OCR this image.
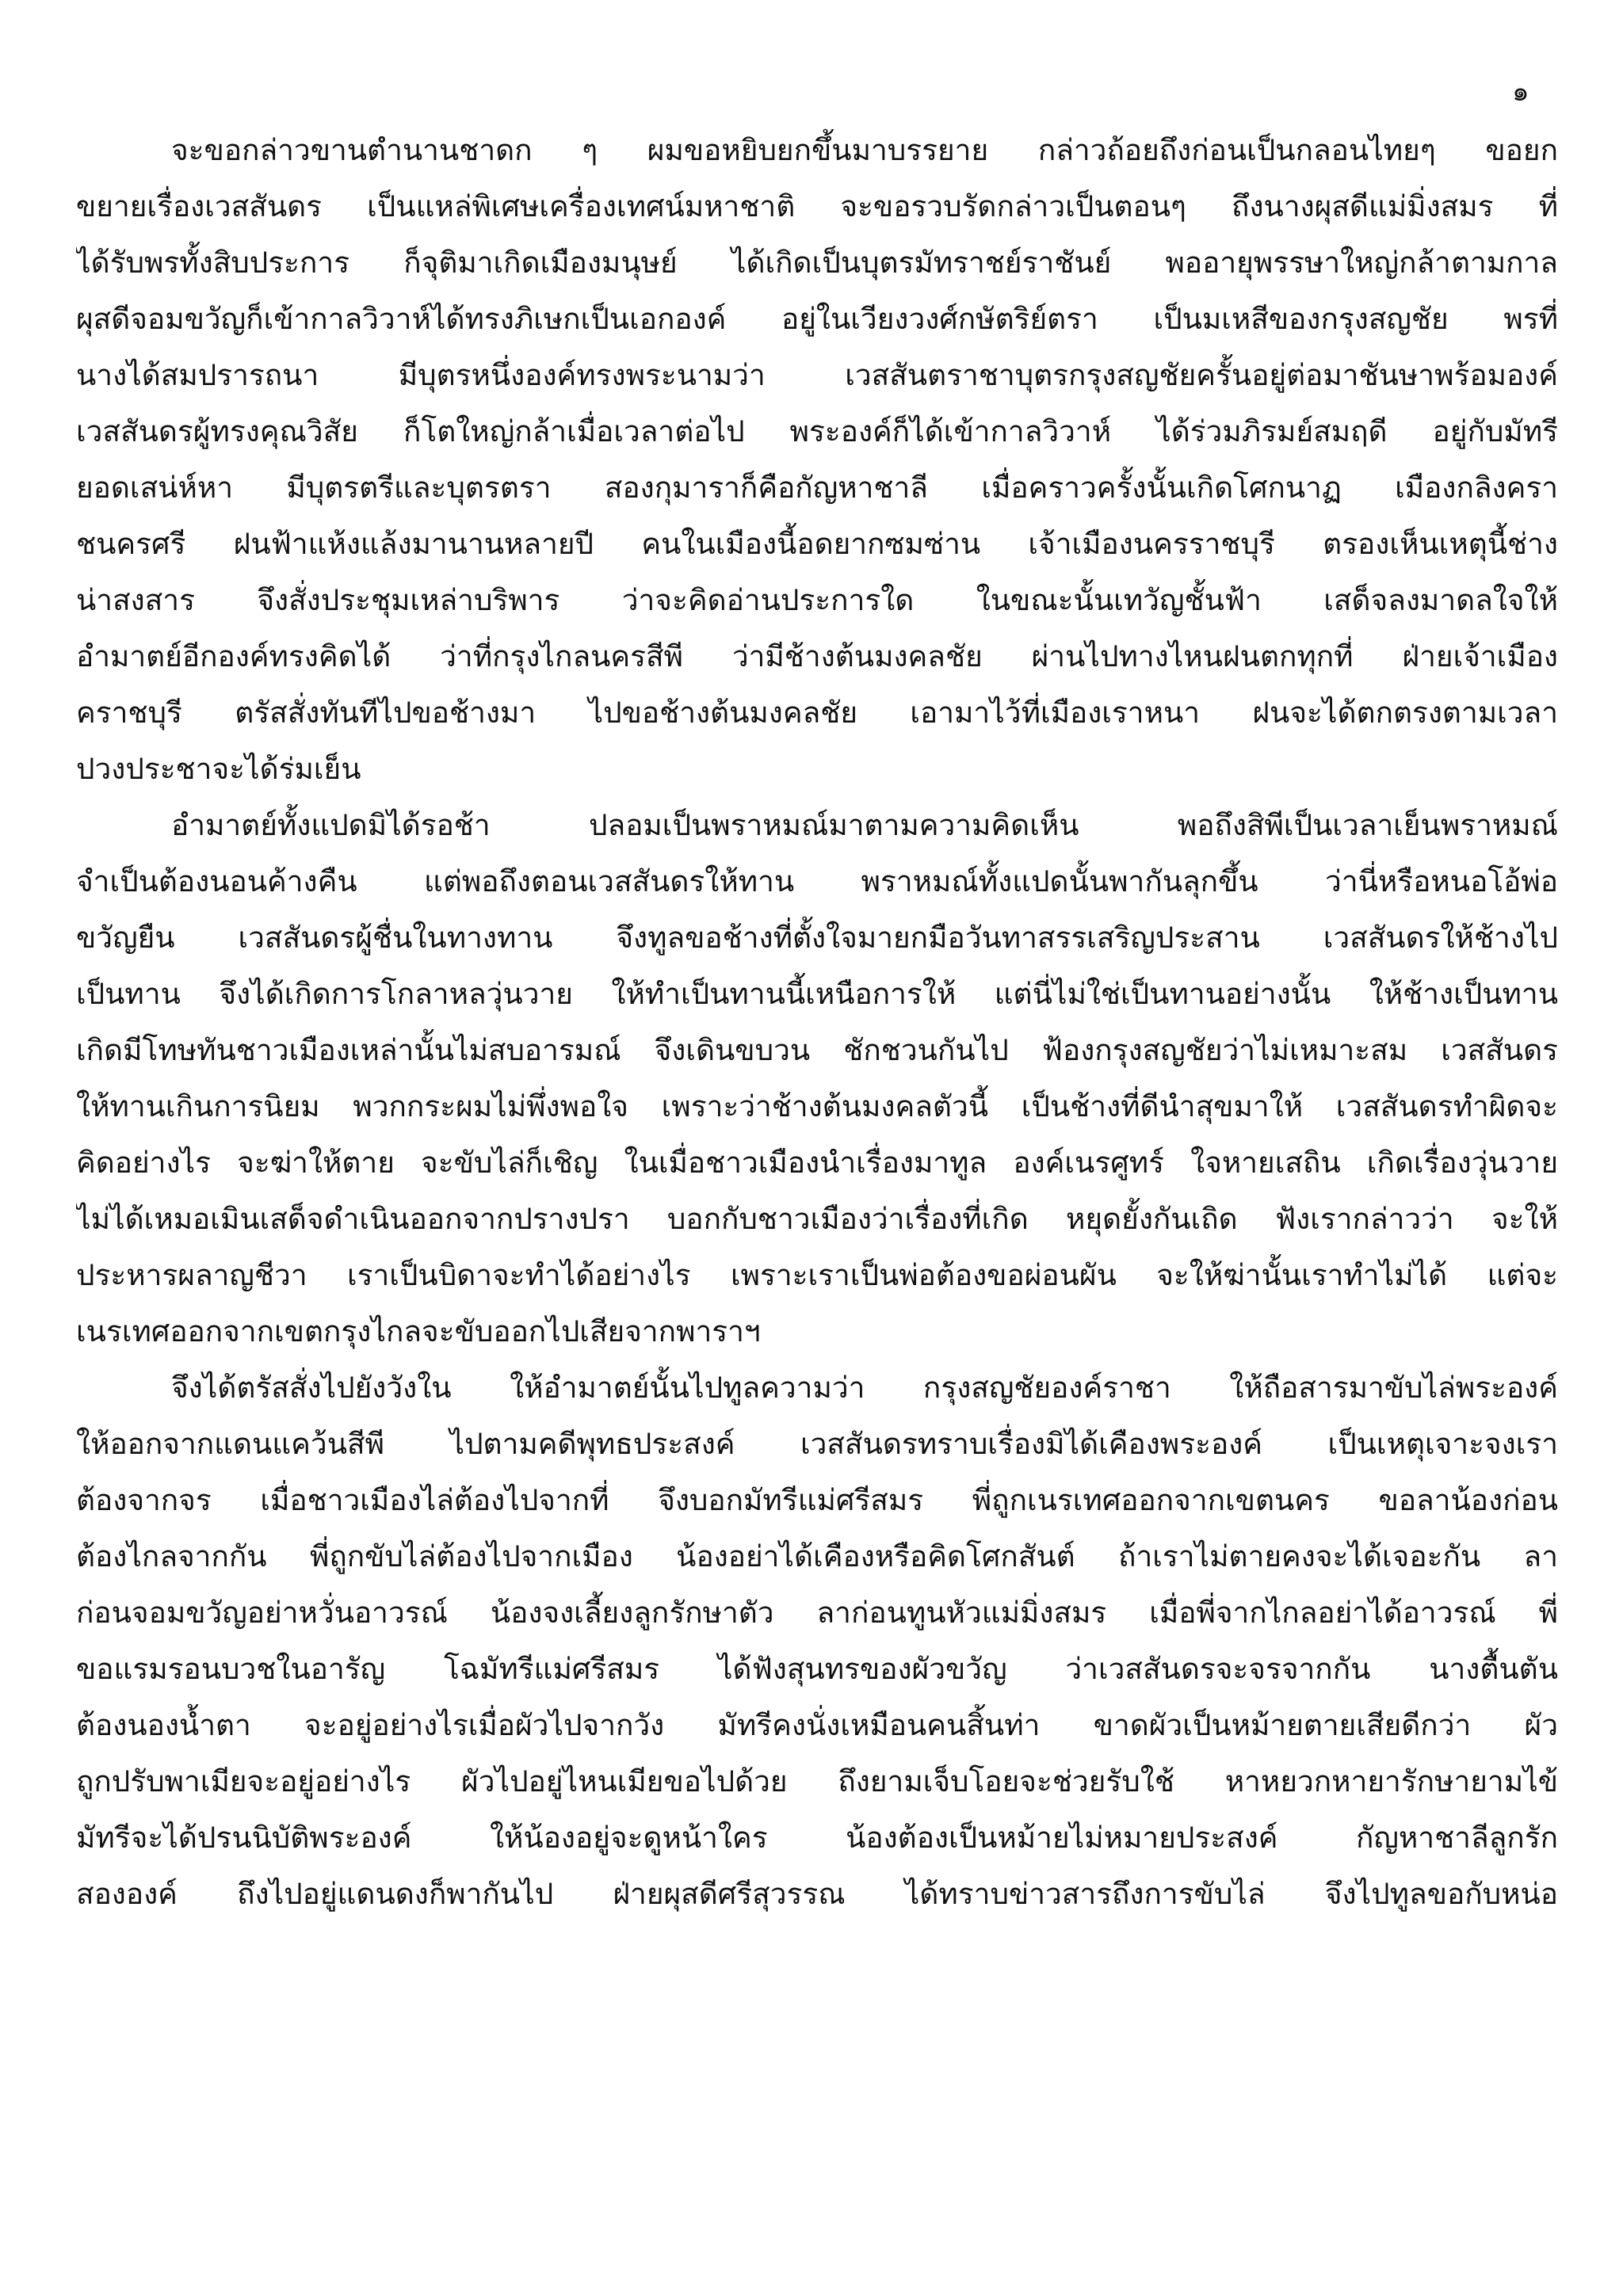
๑
จะขอกล่าวขานตำนานชาดก ๆ ผมขอหยิบยกขึ้นมาบรรยาย กล่าวถ้อยถึงก่อนเป็นกลอนไทยๆ ขอยก
ขยายเรื่องเวสสันดร เป็นแหล่พิเศษเครื่องเทศน์มหาชาติ จะขอรวบรัดกล่าวเป็นตอนๆ ถึงนางผุสดีแม่มิ่งสมร ที่
ได้รับพรทั้งสิบประการ ก็จุติมาเกิดเมืองมนุษย์ ได้เกิดเป็นบุตรมัทราชย์ราชันย์ พออายุพรรษาใหญ่กล้าตามกาล
ผุสดีจอมขวัญก็เข้ากาลวิวาห์ได้ทรงภิเษกเป็นเอกองค์ อยู่ในเวียงวงศ์กษัตริย์ตรา เป็นมเหสีของกรุงสญชัย พรที่
นางได้สมปรารถนา มีบุตรหนึ่งองค์ทรงพระนามว่า เวสสันตราชาบุตรกรุงสญชัยครั้นอยู่ต่อมาชันษาพร้อมองค์
เวสสันดรผู้ทรงคุณวิสัย ก็โตใหญ่กล้าเมื่อเวลาต่อไป พระองค์ก็ได้เข้ากาลวิวาห์ ได้ร่วมภิรมย์สมฤดี อยู่กับมัทรี
ยอดเสน่ห์หา มีบุตรตรีและบุตรตรา สองกุมาราก็คือกัญหาชาลี เมื่อคราวครั้งนั้นเกิดโศกนาฏ เมืองกลิงครา
ชนครศรี ฝนฟ้าแห้งแล้งมานานหลายปี คนในเมืองนี้อดยากซมซ่าน เจ้าเมืองนครราชบุรี ตรองเห็นเหตุนี้ช่าง
น่าสงสาร จึงสั่งประชุมเหล่าบริพาร ว่าจะคิดอ่านประการใด ในขณะนั้นเทวัญชั้นฟ้า เสด็จลงมาดลใจให้
อำมาตย์อีกองค์ทรงคิดได้ ว่าที่กรุงไกลนครสีพี ว่ามีช้างต้นมงคลชัย ผ่านไปทางไหนฝนตกทุกที่ ฝ่ายเจ้าเมือง
คราชบุรี ตรัสสั่งทันทีไปขอช้างมา ไปขอช้างต้นมงคลชัย เอามาไว้ที่เมืองเราหนา ฝนจะได้ตกตรงตามเวลา
ปวงประชาจะได้ร่มเย็น
อำมาตย์ทั้งแปดมิได้รอช้า ปลอมเป็นพราหมณ์มาตามความคิดเห็น พอถึงสิพีเป็นเวลาเย็นพราหมณ์
จำเป็นต้องนอนค้างคืน แต่พอถึงตอนเวสสันดรให้ทาน พราหมณ์ทั้งแปดนั้นพากันลุกขึ้น ว่านี่หรือหนอโอ้พ่อ
ขวัญยืน เวสสันดรผู้ชื่นในทางทาน จึงทูลขอช้างที่ตั้งใจมายกมือวันทาสรรเสริญประสาน เวสสันดรให้ช้างไป
เป็นทาน จึงได้เกิดการโกลาหลวุ่นวาย ให้ทำเป็นทานนี้เหนือการให้ แต่นี่ไม่ใช่เป็นทานอย่างนั้น ให้ช้างเป็นทาน
เกิดมีโทษทันชาวเมืองเหล่านั้นไม่สบอารมณ์ จึงเดินขบวน ชักชวนกันไป ฟ้องกรุงสญชัยว่าไม่เหมาะสม เวสสันดร
ให้ทานเกินการนิยม พวกกระผมไม่พึ่งพอใจ เพราะว่าช้างต้นมงคลตัวนี้ เป็นช้างที่ดีนำสุขมาให้ เวสสันดรทำผิดจะ
คิดอย่างไร จะฆ่าให้ตาย จะขับไล่ก็เชิญ ในเมื่อชาวเมืองนำเรื่องมาทูล องค์เนรศูทร์ ใจหายเสถิน เกิดเรื่องวุ่นวาย
ไม่ได้เหมอเมินเสด็จดำเนินออกจากปรางปรา บอกกับชาวเมืองว่าเรื่องที่เกิด หยุดยั้งกันเถิด ฟังเรากล่าวว่า จะให้
ประหารผลาญชีวา เราเป็นบิดาจะทำได้อย่างไร เพราะเราเป็นพ่อต้องขอผ่อนผัน จะให้ฆ่านั้นเราทำไม่ได้ แต่จะ
เนรเทศออกจากเขตกรุงไกลจะขับออกไปเสียจากพาราฯ
จึงได้ตรัสสั่งไปยังวังใน ให้อำมาตย์นั้นไปทูลความว่า กรุงสญชัยองค์ราชา ให้ถือสารมาขับไล่พระองค์
ให้ออกจากแดนแคว้นสีพี ไปตามคดีพุทธประสงค์ เวสสันดรทราบเรื่องมิได้เคืองพระองค์ เป็นเหตุเจาะจงเรา
ต้องจากจร เมื่อชาวเมืองไล่ต้องไปจากที่ จึงบอกมัทรีแม่ศรีสมร พี่ถูกเนรเทศออกจากเขตนคร ขอลาน้องก่อน
ต้องไกลจากกัน พี่ถูกขับไล่ต้องไปจากเมือง น้องอย่าได้เคืองหรือคิดโศกสันต์ ถ้าเราไม่ตายคงจะได้เจอะกัน ลา
ก่อนจอมขวัญอย่าหวั่นอาวรณ์ น้องจงเลี้ยงลูกรักษาตัว ลาก่อนทูนหัวแม่มิ่งสมร เมื่อพี่จากไกลอย่าได้อาวรณ์ พี่
ขอแรมรอนบวชในอารัญ โฉมัทรีแม่ศรีสมร ได้ฟังสุนทรของผัวขวัญ ว่าเวสสันดรจะจรจากกัน นางตื้นตัน
ต้องนองน้ำตา จะอยู่อย่างไรเมื่อผัวไปจากวัง มัทรีคงนั่งเหมือนคนสิ้นท่า ขาดผัวเป็นหม้ายตายเสียดีกว่า ผัว
ถูกปรับพาเมียจะอยู่อย่างไร ผัวไปอยู่ไหนเมียขอไปด้วย ถึงยามเจ็บโอยจะช่วยรับใช้ หาหยวกหายารักษายามไข้
มัทรีจะได้ปรนนิบัติพระองค์ ให้น้องอยู่จะดูหน้าใคร น้องต้องเป็นหม้ายไม่หมายประสงค์ กัญหาชาลีลูกรัก
สององค์ ถึงไปอยู่แดนดงก็พากันไป ฝ่ายผุสดีศรีสุวรรณ ได้ทราบข่าวสารถึงการขับไล่ จึงไปทูลขอกับหน่อ
